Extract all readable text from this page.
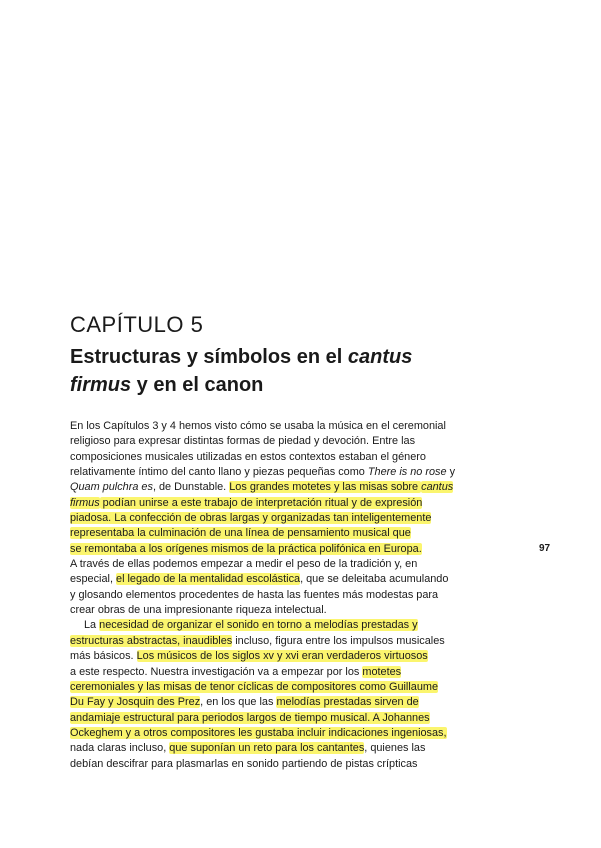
CAPÍTULO 5
Estructuras y símbolos en el cantus
firmus y en el canon
En los Capítulos 3 y 4 hemos visto cómo se usaba la música en el ceremonial
religioso para expresar distintas formas de piedad y devoción. Entre las
composiciones musicales utilizadas en estos contextos estaban el género
relativamente íntimo del canto llano y piezas pequeñas como There is no rose y
Quam pulchra es, de Dunstable. Los grandes motetes y las misas sobre cantus
firmus podían unirse a este trabajo de interpretación ritual y de expresión
piadosa. La confección de obras largas y organizadas tan inteligentemente
representaba la culminación de una línea de pensamiento musical que
se remontaba a los orígenes mismos de la práctica polifónica en Europa.
A través de ellas podemos empezar a medir el peso de la tradición y, en
especial, el legado de la mentalidad escolástica, que se deleitaba acumulando
y glosando elementos procedentes de hasta las fuentes más modestas para
crear obras de una impresionante riqueza intelectual.
La necesidad de organizar el sonido en torno a melodías prestadas y
estructuras abstractas, inaudibles incluso, figura entre los impulsos musicales
más básicos. Los músicos de los siglos xv y xvi eran verdaderos virtuosos
a este respecto. Nuestra investigación va a empezar por los motetes
ceremoniales y las misas de tenor cíclicas de compositores como Guillaume
Du Fay y Josquin des Prez, en los que las melodías prestadas sirven de
andamiaje estructural para periodos largos de tiempo musical. A Johannes
Ockeghem y a otros compositores les gustaba incluir indicaciones ingeniosas,
nada claras incluso, que suponían un reto para los cantantes, quienes las
debían descifrar para plasmarlas en sonido partiendo de pistas crípticas
97
